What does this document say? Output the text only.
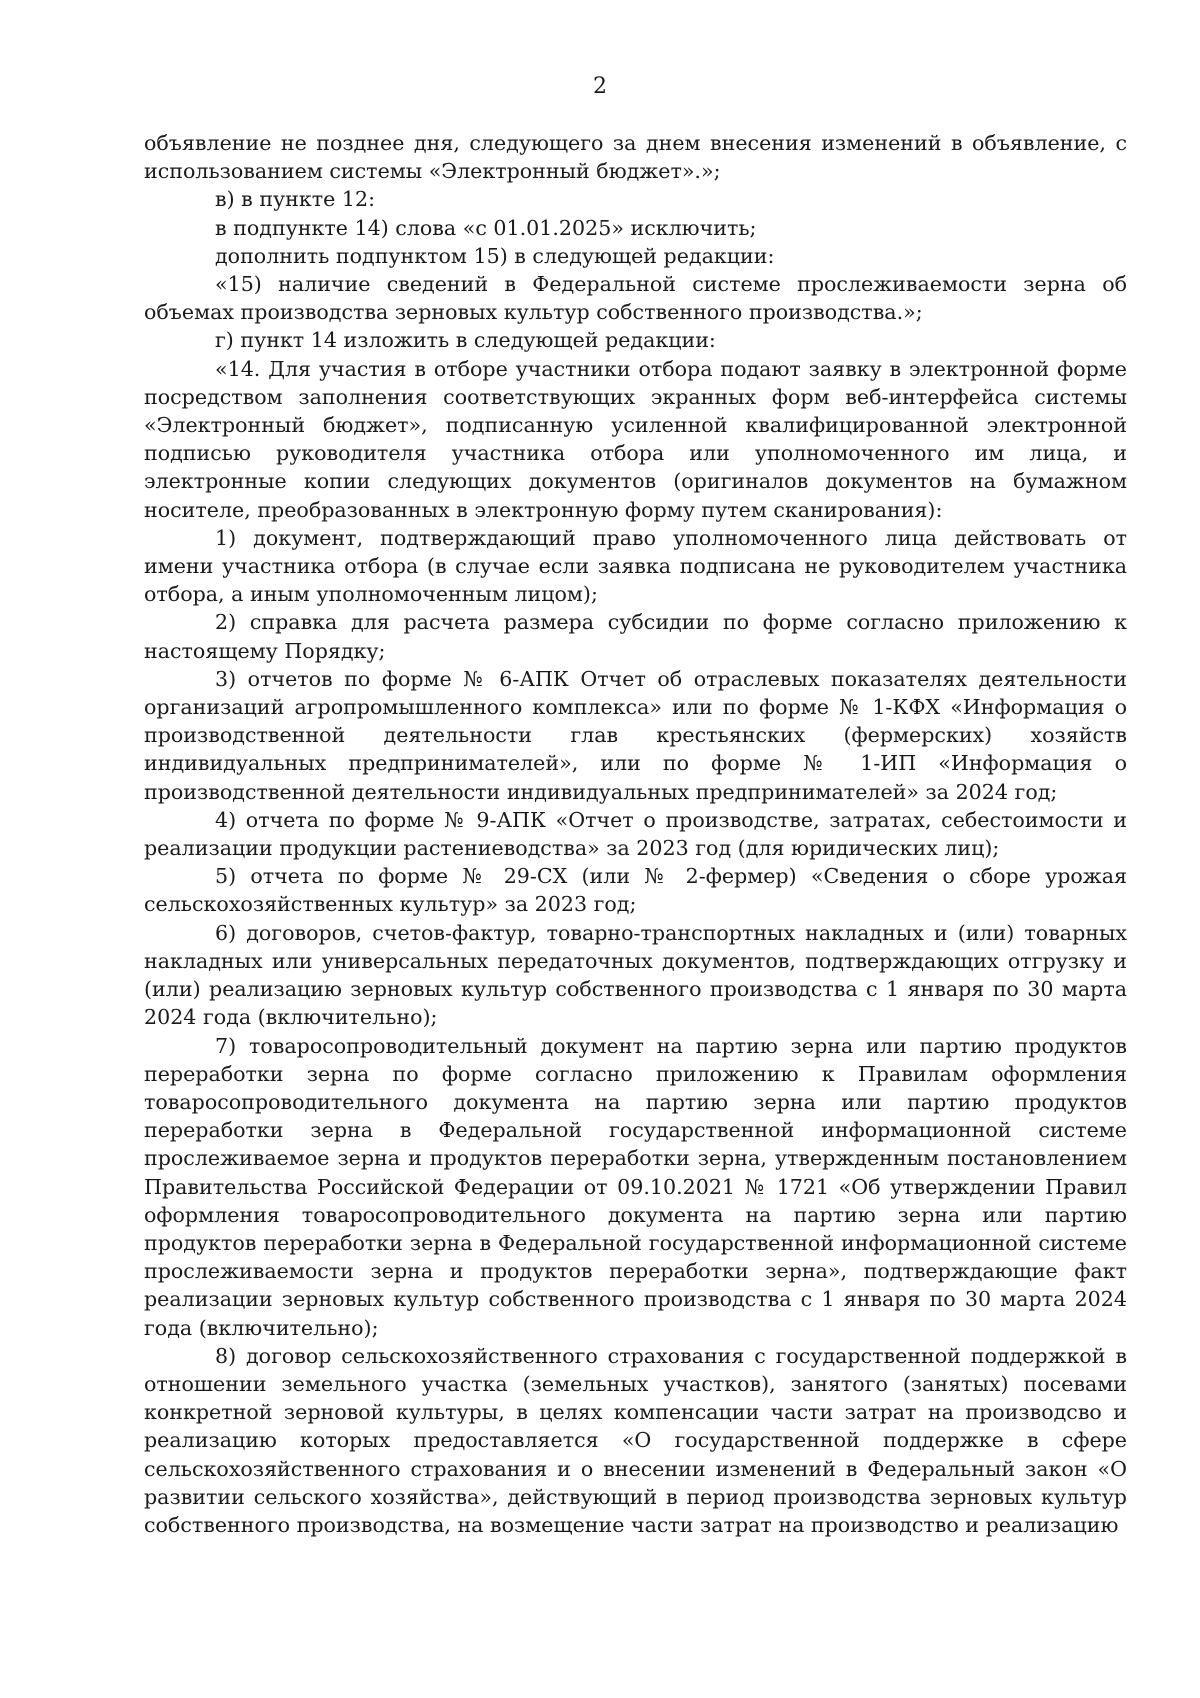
2

объявление не позднее дня, следующего за днем внесения изменений в объявление, с использованием системы «Электронный бюджет».»;

в) в пункте 12:

в подпункте 14) слова «с 01.01.2025» исключить;

дополнить подпунктом 15) в следующей редакции:

«15) наличие сведений в Федеральной системе прослеживаемости зерна об объемах производства зерновых культур собственного производства.»;

г) пункт 14 изложить в следующей редакции:

«14. Для участия в отборе участники отбора подают заявку в электронной форме посредством заполнения соответствующих экранных форм веб-интерфейса системы «Электронный бюджет», подписанную усиленной квалифицированной электронной подписью руководителя участника отбора или уполномоченного им лица, и электронные копии следующих документов (оригиналов документов на бумажном носителе, преобразованных в электронную форму путем сканирования):

1) документ, подтверждающий право уполномоченного лица действовать от имени участника отбора (в случае если заявка подписана не руководителем участника отбора, а иным уполномоченным лицом);

2) справка для расчета размера субсидии по форме согласно приложению к настоящему Порядку;

3) отчетов по форме № 6-АПК Отчет об отраслевых показателях деятельности организаций агропромышленного комплекса» или по форме № 1-КФХ «Информация о производственной деятельности глав крестьянских (фермерских) хозяйств индивидуальных предпринимателей», или по форме № 1-ИП «Информация о производственной деятельности индивидуальных предпринимателей» за 2024 год;

4) отчета по форме № 9-АПК «Отчет о производстве, затратах, себестоимости и реализации продукции растениеводства» за 2023 год (для юридических лиц);

5) отчета по форме № 29-СХ (или № 2-фермер) «Сведения о сборе урожая сельскохозяйственных культур» за 2023 год;

6) договоров, счетов-фактур, товарно-транспортных накладных и (или) товарных накладных или универсальных передаточных документов, подтверждающих отгрузку и (или) реализацию зерновых культур собственного производства с 1 января по 30 марта 2024 года (включительно);

7) товаросопроводительный документ на партию зерна или партию продуктов переработки зерна по форме согласно приложению к Правилам оформления товаросопроводительного документа на партию зерна или партию продуктов переработки зерна в Федеральной государственной информационной системе прослеживаемое зерна и продуктов переработки зерна, утвержденным постановлением Правительства Российской Федерации от 09.10.2021 № 1721 «Об утверждении Правил оформления товаросопроводительного документа на партию зерна или партию продуктов переработки зерна в Федеральной государственной информационной системе прослеживаемости зерна и продуктов переработки зерна», подтверждающие факт реализации зерновых культур собственного производства с 1 января по 30 марта 2024 года (включительно);

8) договор сельскохозяйственного страхования с государственной поддержкой в отношении земельного участка (земельных участков), занятого (занятых) посевами конкретной зерновой культуры, в целях компенсации части затрат на производсво и реализацию которых предоставляется «О государственной поддержке в сфере сельскохозяйственного страхования и о внесении изменений в Федеральный закон «О развитии сельского хозяйства», действующий в период производства зерновых культур собственного производства, на возмещение части затрат на производство и реализацию
